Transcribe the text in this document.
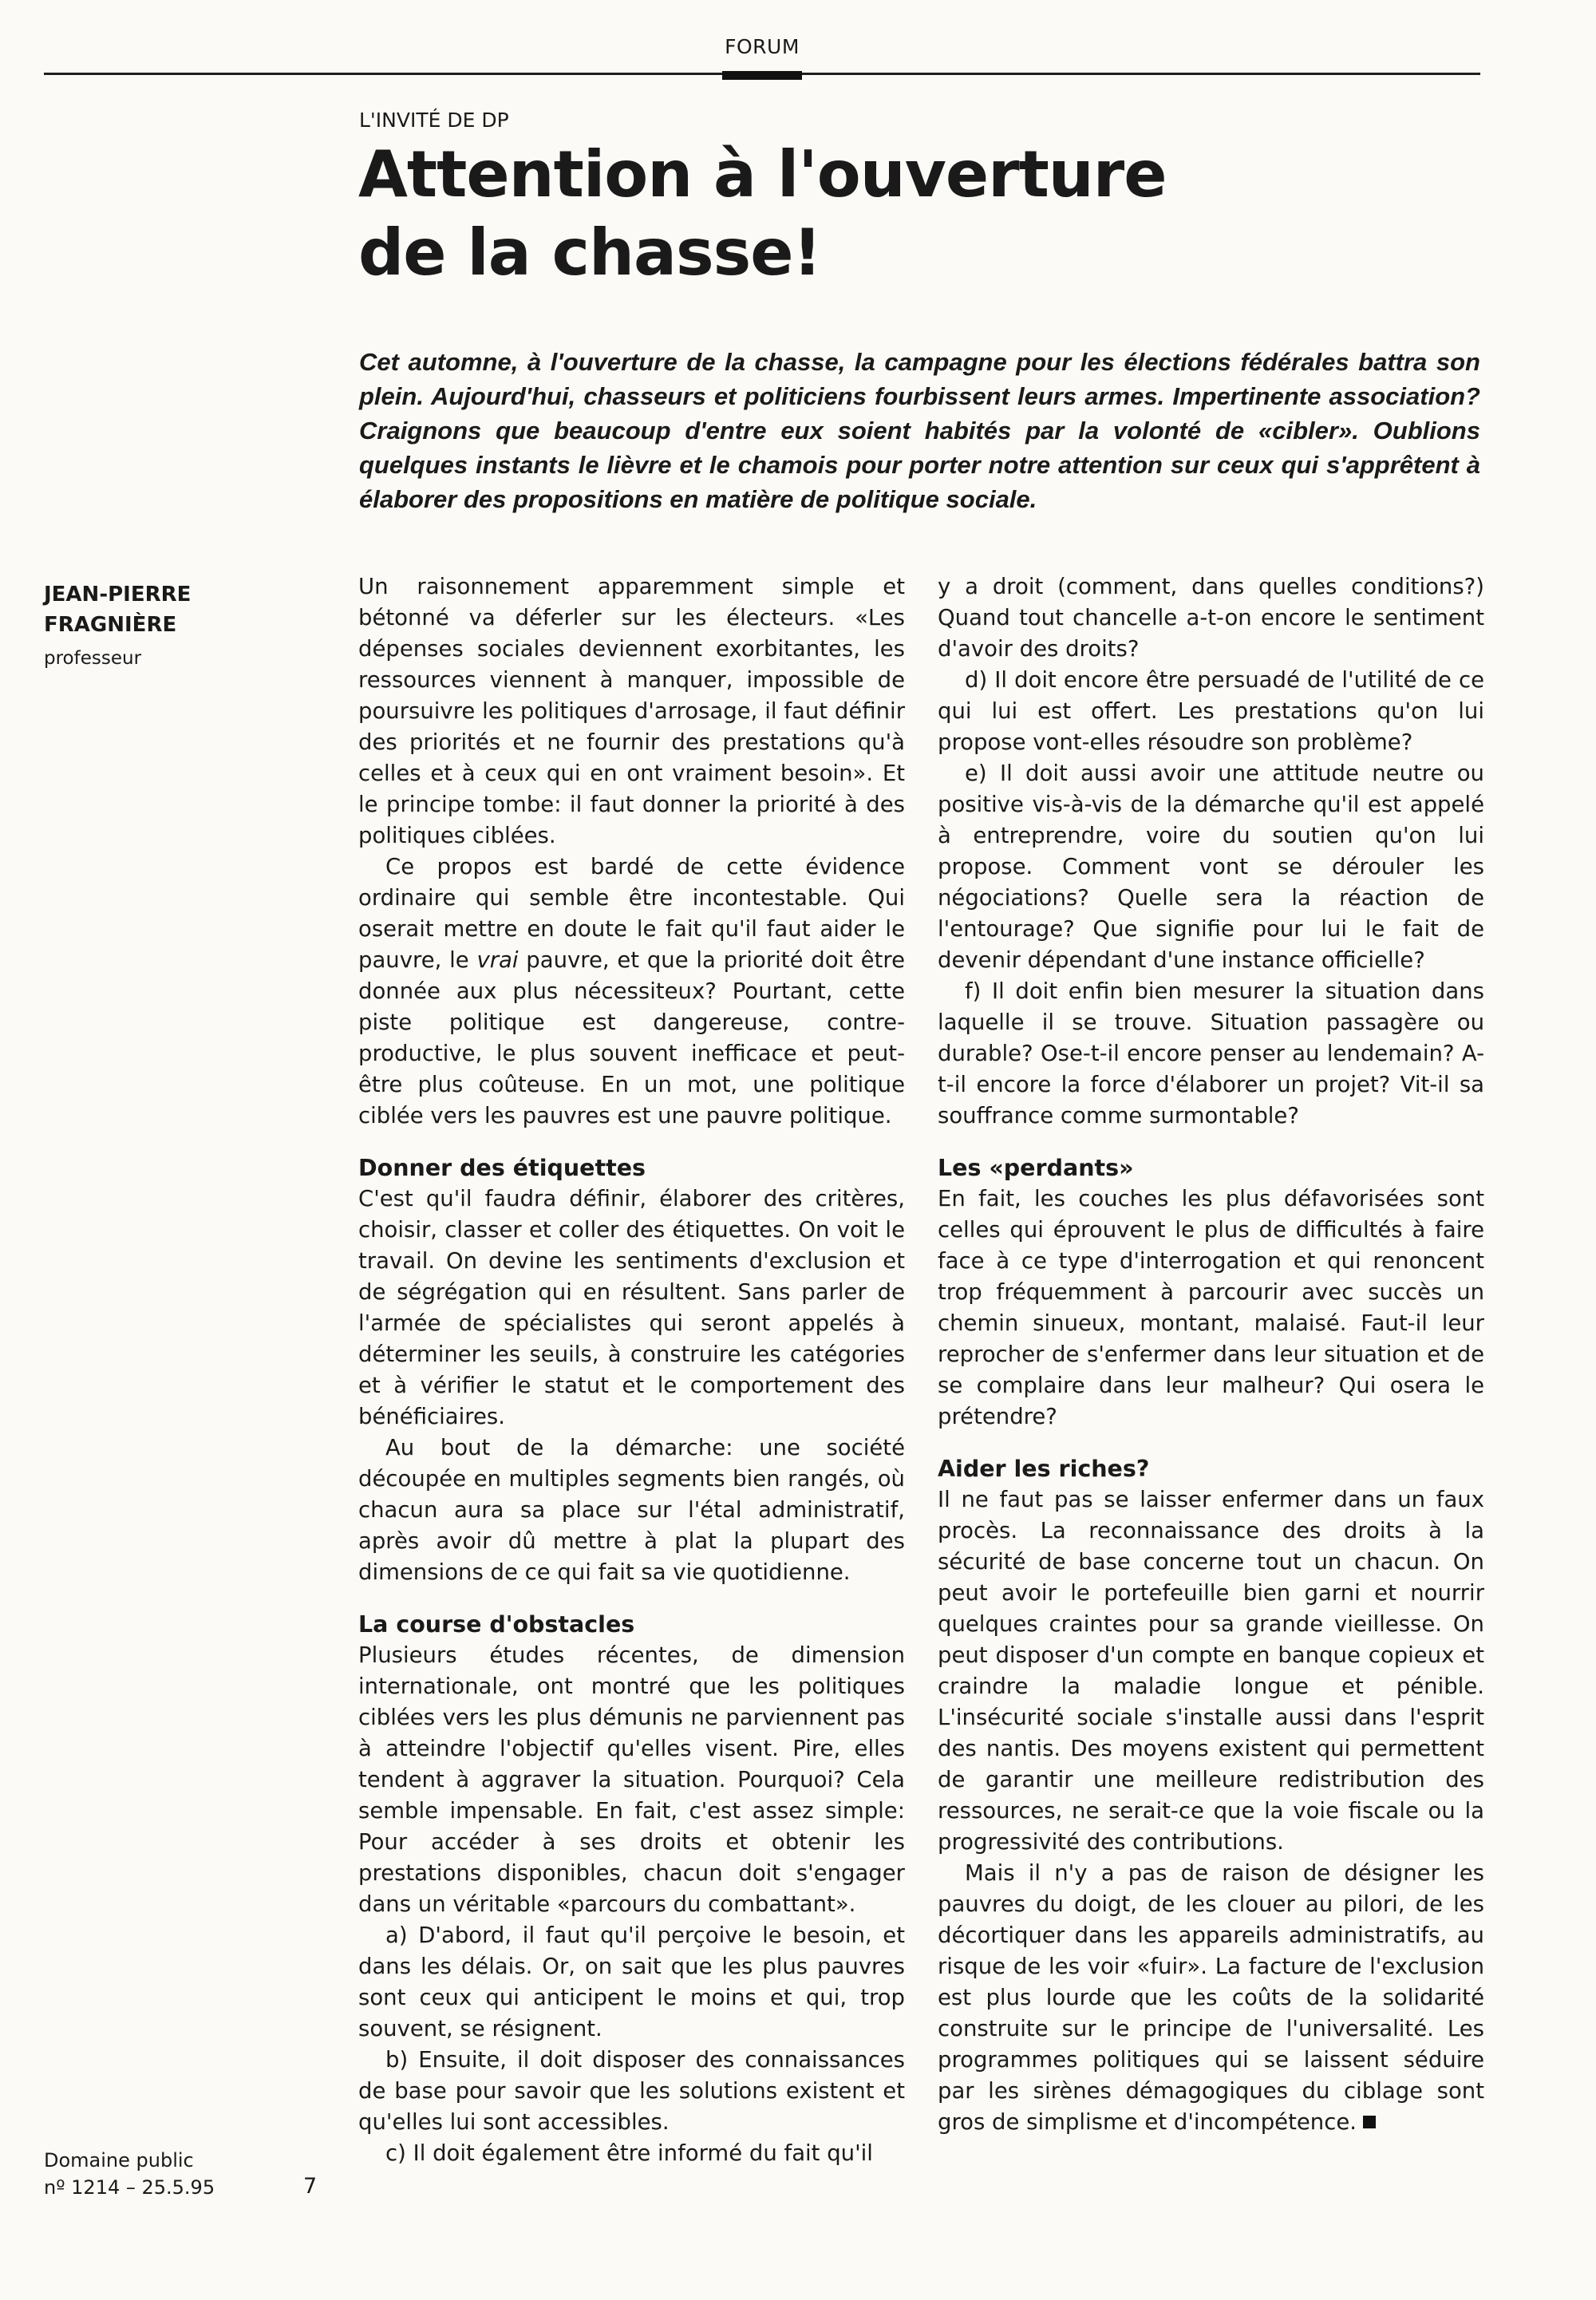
FORUM
L'INVITÉ DE DP
Attention à l'ouverture
de la chasse!

Cet automne, à l'ouverture de la chasse, la campagne pour les élections fédérales battra son plein. Aujourd'hui, chasseurs et politiciens fourbissent leurs armes. Impertinente association? Craignons que beaucoup d'entre eux soient habités par la volonté de «cibler». Oublions quelques instants le lièvre et le chamois pour porter notre attention sur ceux qui s'apprêtent à élaborer des propositions en matière de politique sociale.

JEAN-PIERRE
FRAGNIÈRE
professeur
Domaine public
nº 1214 – 25.5.95	7

Un raisonnement apparemment simple et bétonné va déferler sur les électeurs. «Les dépenses sociales deviennent exorbitantes, les ressources viennent à manquer, impossible de poursuivre les politiques d'arrosage, il faut définir des priorités et ne fournir des prestations qu'à celles et à ceux qui en ont vraiment besoin». Et le principe tombe: il faut donner la priorité à des politiques ciblées.

Ce propos est bardé de cette évidence ordinaire qui semble être incontestable. Qui oserait mettre en doute le fait qu'il faut aider le pauvre, le vrai pauvre, et que la priorité doit être donnée aux plus nécessiteux? Pourtant, cette piste politique est dangereuse, contre-productive, le plus souvent inefficace et peut-être plus coûteuse. En un mot, une politique ciblée vers les pauvres est une pauvre politique.

Donner des étiquettes

C'est qu'il faudra définir, élaborer des critères, choisir, classer et coller des étiquettes. On voit le travail. On devine les sentiments d'exclusion et de ségrégation qui en résultent. Sans parler de l'armée de spécialistes qui seront appelés à déterminer les seuils, à construire les catégories et à vérifier le statut et le comportement des bénéficiaires.

Au bout de la démarche: une société découpée en multiples segments bien rangés, où chacun aura sa place sur l'étal administratif, après avoir dû mettre à plat la plupart des dimensions de ce qui fait sa vie quotidienne.

La course d'obstacles

Plusieurs études récentes, de dimension internationale, ont montré que les politiques ciblées vers les plus démunis ne parviennent pas à atteindre l'objectif qu'elles visent. Pire, elles tendent à aggraver la situation. Pourquoi? Cela semble impensable. En fait, c'est assez simple: Pour accéder à ses droits et obtenir les prestations disponibles, chacun doit s'engager dans un véritable «parcours du combattant».

a) D'abord, il faut qu'il perçoive le besoin, et dans les délais. Or, on sait que les plus pauvres sont ceux qui anticipent le moins et qui, trop souvent, se résignent.

b) Ensuite, il doit disposer des connaissances de base pour savoir que les solutions existent et qu'elles lui sont accessibles.

c) Il doit également être informé du fait qu'il

y a droit (comment, dans quelles conditions?) Quand tout chancelle a-t-on encore le sentiment d'avoir des droits?

d) Il doit encore être persuadé de l'utilité de ce qui lui est offert. Les prestations qu'on lui propose vont-elles résoudre son problème?

e) Il doit aussi avoir une attitude neutre ou positive vis-à-vis de la démarche qu'il est appelé à entreprendre, voire du soutien qu'on lui propose. Comment vont se dérouler les négociations? Quelle sera la réaction de l'entourage? Que signifie pour lui le fait de devenir dépendant d'une instance officielle?

f) Il doit enfin bien mesurer la situation dans laquelle il se trouve. Situation passagère ou durable? Ose-t-il encore penser au lendemain? A-t-il encore la force d'élaborer un projet? Vit-il sa souffrance comme surmontable?

Les «perdants»

En fait, les couches les plus défavorisées sont celles qui éprouvent le plus de difficultés à faire face à ce type d'interrogation et qui renoncent trop fréquemment à parcourir avec succès un chemin sinueux, montant, malaisé. Faut-il leur reprocher de s'enfermer dans leur situation et de se complaire dans leur malheur? Qui osera le prétendre?

Aider les riches?

Il ne faut pas se laisser enfermer dans un faux procès. La reconnaissance des droits à la sécurité de base concerne tout un chacun. On peut avoir le portefeuille bien garni et nourrir quelques craintes pour sa grande vieillesse. On peut disposer d'un compte en banque copieux et craindre la maladie longue et pénible. L'insécurité sociale s'installe aussi dans l'esprit des nantis. Des moyens existent qui permettent de garantir une meilleure redistribution des ressources, ne serait-ce que la voie fiscale ou la progressivité des contributions.

Mais il n'y a pas de raison de désigner les pauvres du doigt, de les clouer au pilori, de les décortiquer dans les appareils administratifs, au risque de les voir «fuir». La facture de l'exclusion est plus lourde que les coûts de la solidarité construite sur le principe de l'universalité. Les programmes politiques qui se laissent séduire par les sirènes démagogiques du ciblage sont gros de simplisme et d'incompétence.
